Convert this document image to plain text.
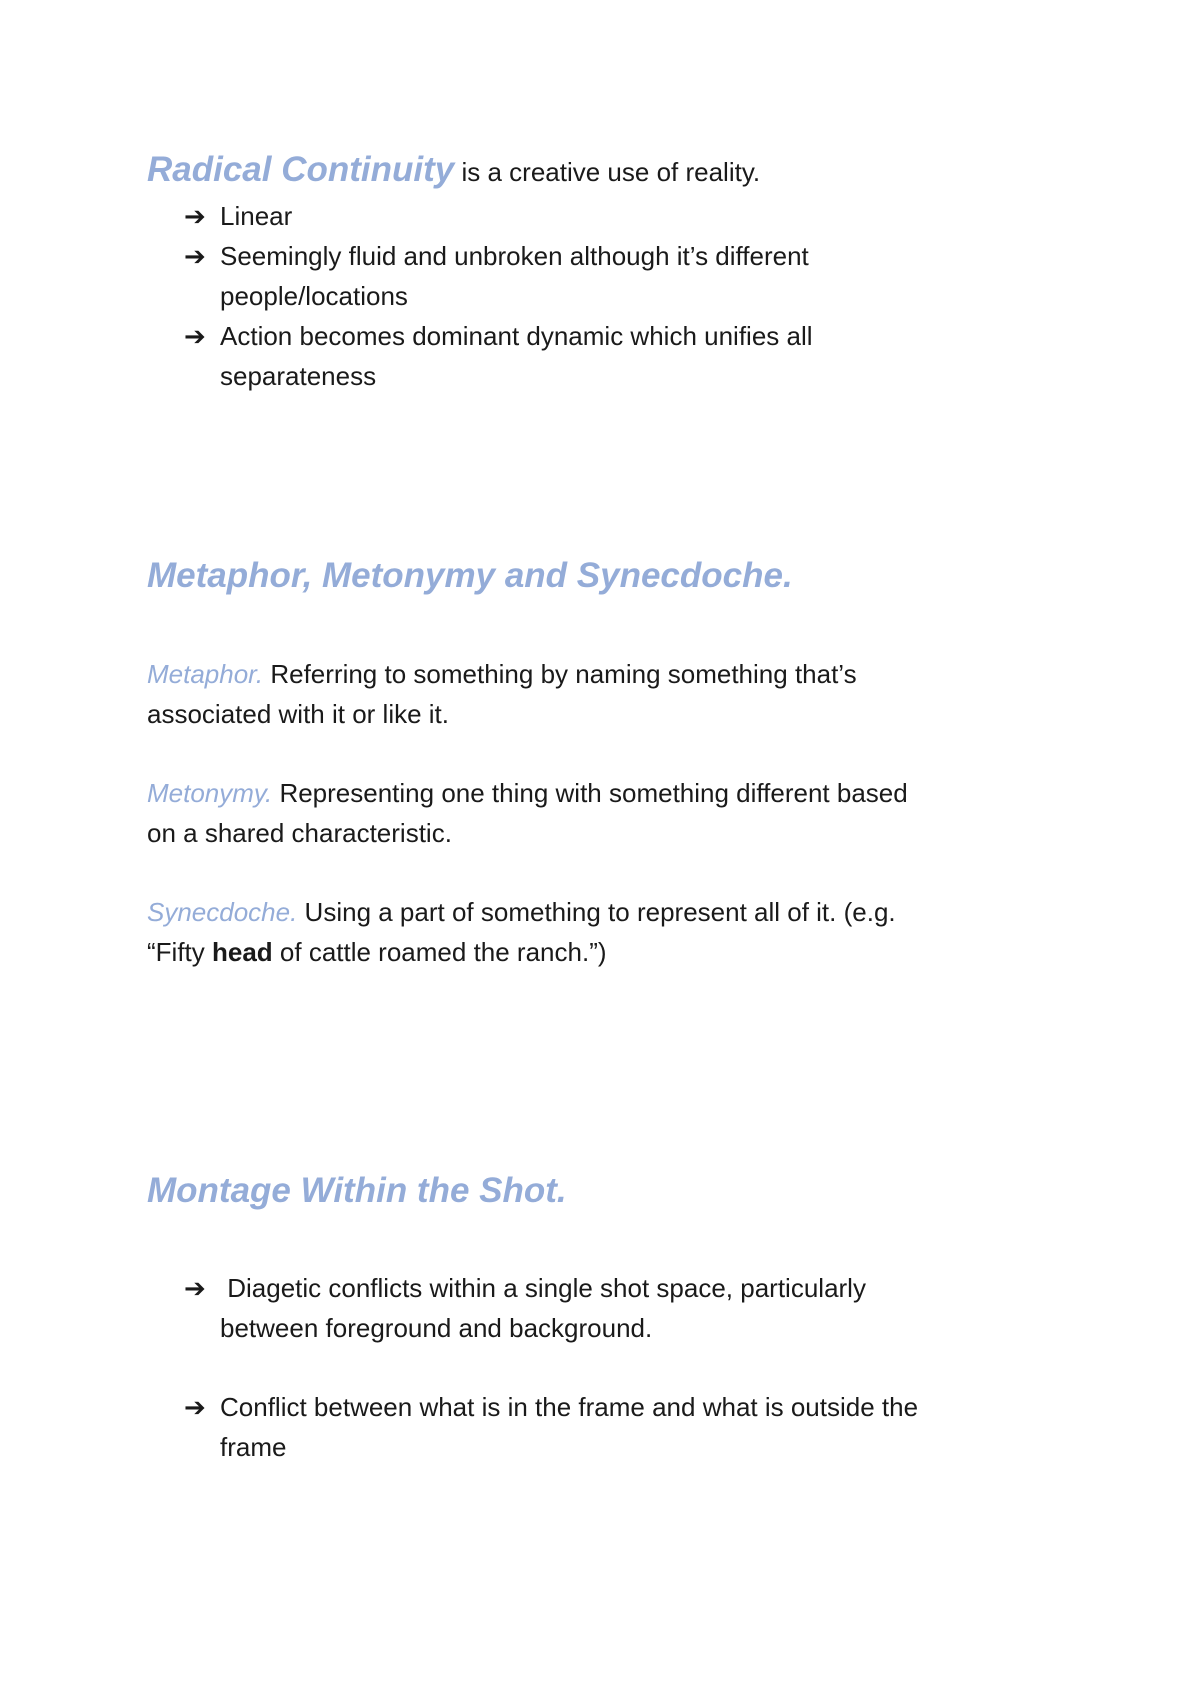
Radical Continuity is a creative use of reality.
➔ Linear
➔ Seemingly fluid and unbroken although it’s different
people/locations
➔ Action becomes dominant dynamic which unifies all
separateness
Metaphor, Metonymy and Synecdoche.
Metaphor. Referring to something by naming something that’s
associated with it or like it.
Metonymy. Representing one thing with something different based
on a shared characteristic.
Synecdoche. Using a part of something to represent all of it. (e.g.
“Fifty head of cattle roamed the ranch.”)
Montage Within the Shot.
➔ Diagetic conflicts within a single shot space, particularly
between foreground and background.
➔ Conflict between what is in the frame and what is outside the
frame
